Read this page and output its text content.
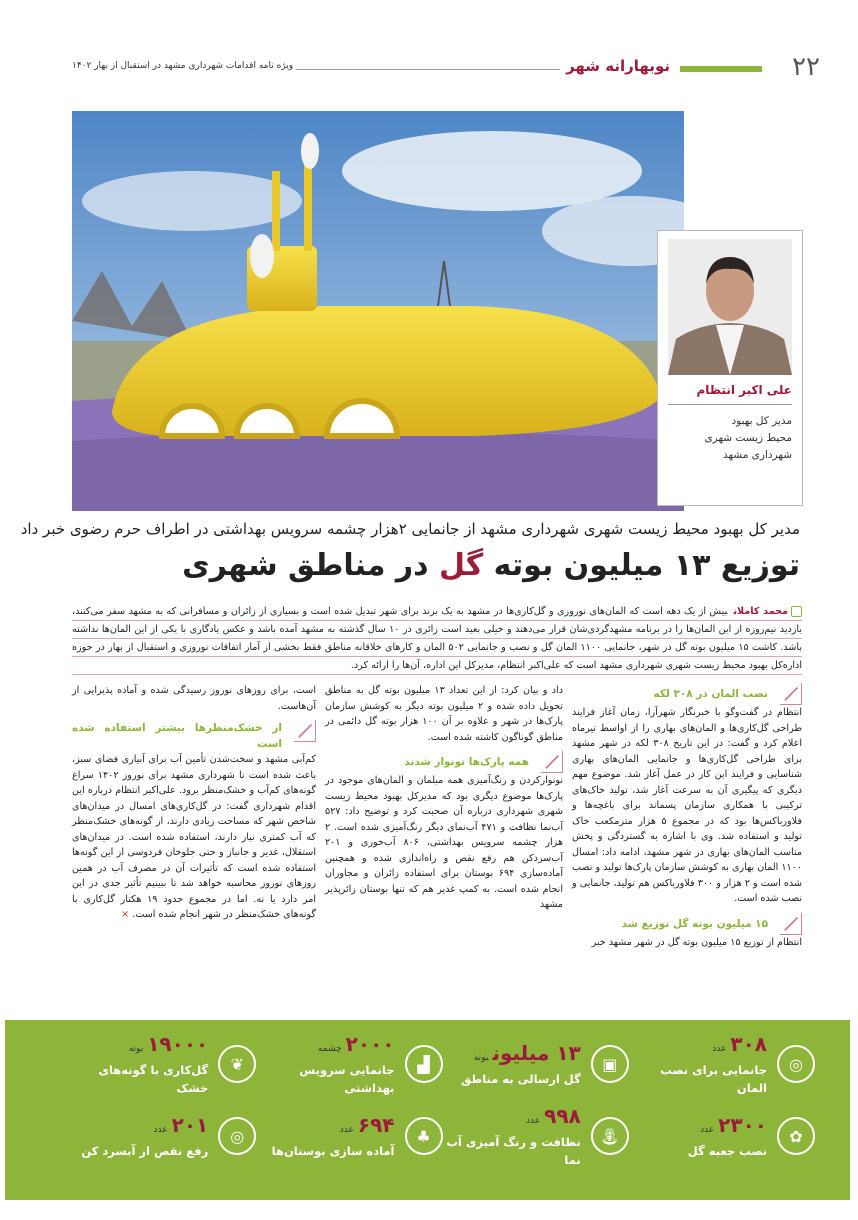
۲۲
نوبهارانه شهر
ویژه نامه اقدامات شهرداری مشهد در استقبال از بهار ۱۴۰۲
علی اکبر انتظام
مدیر کل بهبود
محیط زیست شهری
شهرداری مشهد
مدیر کل بهبود محیط زیست شهری شهرداری مشهد از جانمایی ۲هزار چشمه سرویس بهداشتی در اطراف حرم رضوی خبر داد
توزیع ۱۳ میلیون بوته گل در مناطق شهری
محمد کاملانبیش از یک دهه است که المان‌های نوروزی و گل‌کاری‌ها در مشهد به یک برند برای شهر تبدیل شده است و بسیاری از زائران و مسافرانی که به مشهد سفر می‌کنند، بازدید نیم‌روزه از این المان‌ها را در برنامه مشهدگردی‌شان قرار می‌دهند و خیلی بعید است زائری در ۱۰ سال گذشته به مشهد آمده باشد و عکس یادگاری با یکی از این المان‌ها نداشته باشد. کاشت ۱۵ میلیون بوته گل در شهر، جانمایی ۱۱۰۰ المان گل و نصب و جانمایی ۵۰۲ المان و کارهای خلاقانه مناطق فقط بخشی از آمار اتفاقات نوروزی و استقبال از بهار در حوزه اداره‌کل بهبود محیط زیست شهری شهرداری مشهد است که علی‌اکبر انتظام، مدیرکل این اداره، آن‌ها را ارائه کرد.
نصب المان در ۳۰۸ لکه

انتظام در گفت‌وگو با خبرنگار شهرآرا، زمان آغاز فرایند طراحی گل‌کاری‌ها و المان‌های بهاری را از اواسط تیرماه اعلام کرد و گفت: در این تاریخ ۳۰۸ لکه در شهر مشهد برای طراحی گل‌کاری‌ها و جانمایی المان‌های بهاری شناسایی و فرایند این کار در عمل آغاز شد. موضوع مهم دیگری که پیگیری آن به سرعت آغاز شد، تولید خاک‌های ترکیبی با همکاری سازمان پسماند برای باغچه‌ها و فلاورباکس‌ها بود که در مجموع ۵ هزار مترمکعب خاک تولید و استفاده شد. وی با اشاره به گستردگی و پخش مناسب المان‌های بهاری در شهر مشهد، ادامه داد: امسال ۱۱۰۰ المان بهاری به کوشش سازمان پارک‌ها تولید و نصب شده است و ۲ هزار و ۳۰۰ فلاورباکس هم تولید، جانمایی و نصب شده است.

۱۵ میلیون بوته گل توزیع شد

انتظام از توزیع ۱۵ میلیون بوته گل در شهر مشهد خبر

داد و بیان کرد: از این تعداد ۱۳ میلیون بوته گل به مناطق تحویل داده شده و ۲ میلیون بوته دیگر به کوشش سازمان پارک‌ها در شهر و علاوه بر آن ۱۰۰ هزار بوته گل دائمی در مناطق گوناگون کاشته شده است.

همه پارک‌ها نونوار شدند

نونوارکردن و رنگ‌آمیزی همه مبلمان و المان‌های موجود در پارک‌ها موضوع دیگری بود که مدیرکل بهبود محیط زیست شهری شهرداری درباره آن صحبت کرد و توضیح داد: ۵۲۷ آب‌نما نظافت و ۴۷۱ آب‌نمای دیگر رنگ‌آمیزی شده است. ۲ هزار چشمه سرویس بهداشتی، ۸۰۶ آب‌خوری و ۲۰۱ آب‌سردکن هم رفع نقص و راه‌اندازی شده و همچنین آماده‌سازی ۶۹۴ بوستان برای استفاده زائران و مجاوران انجام شده است. به کمپ غدیر هم که تنها بوستان زائرپذیر مشهد

است، برای روزهای نوروز رسیدگی شده و آماده پذیرایی از آن‌هاست.

از خشک‌منظرها بیشتر استفاده شده است

کم‌آبی مشهد و سخت‌شدن تأمین آب برای آبیاری فضای سبز، باعث شده است تا شهرداری مشهد برای نوروز ۱۴۰۲ سراغ گونه‌های کم‌آب و خشک‌منظر برود. علی‌اکبر انتظام درباره این اقدام شهرداری گفت: در گل‌کاری‌های امسال در میدان‌های شاخص شهر که مساحت زیادی دارند، از گونه‌های خشک‌منظر که آب کمتری نیاز دارند، استفاده شده است. در میدان‌های استقلال، غدیر و جانباز و حتی جلوخان فردوسی از این گونه‌ها استفاده شده است که تأثیرات آن در مصرف آب در همین روزهای نوروز محاسبه خواهد شد تا ببینیم تأثیر جدی در این امر دارد یا نه. اما در مجموع حدود ۱۹ هکتار گل‌کاری با گونه‌های خشک‌منظر در شهر انجام شده است. ×

◎
۳۰۸عدد
جانمایی برای نصب المان
▣
۱۳ میلیونبوته
گل ارسالی به مناطق
▟
۲۰۰۰چشمه
جانمایی سرویس بهداشتی
❦
۱۹۰۰۰بوته
گل‌کاری با گونه‌های خشک
✿
۲۳۰۰عدد
نصب جعبه گل
⛲︎
۹۹۸عدد
نظافت و رنگ آمیزی آب نما
♣
۶۹۴عدد
آماده سازی بوستان‌ها
◎
۲۰۱عدد
رفع نقص از آبسرد کن
